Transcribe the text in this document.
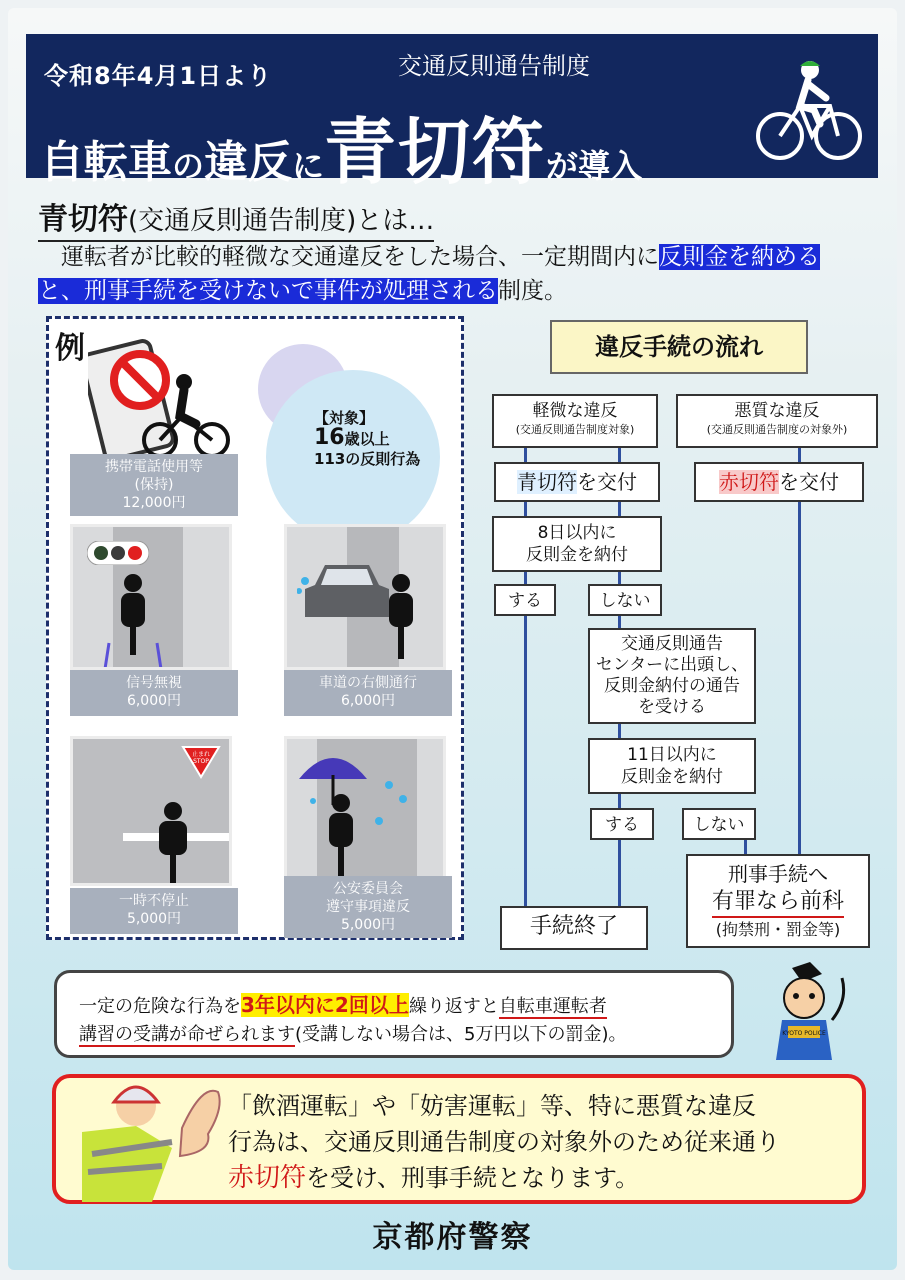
令和8年4月1日より	交通反則通告制度
自転車の違反に青切符が導入
青切符(交通反則通告制度)とは…
　運転者が比較的軽微な交通違反をした場合、一定期間内に反則金を納める
と、刑事手続を受けないで事件が処理される制度。
例
【対象】
16歳以上
113の反則行為
携帯電話使用等
(保持)
12,000円
信号無視
6,000円
車道の右側通行
6,000円
止まれ
STOP
一時不停止
5,000円
公安委員会
遵守事項違反
5,000円
違反手続の流れ
軽微な違反
(交通反則通告制度対象)
悪質な違反
(交通反則通告制度の対象外)
青切符を交付	赤切符を交付
8日以内に
反則金を納付
する	しない
交通反則通告
センターに出頭し、
反則金納付の通告
を受ける
11日以内に
反則金を納付
する	しない
手続終了
刑事手続へ
有罪なら前科
(拘禁刑・罰金等)
一定の危険な行為を3年以内に2回以上繰り返すと自転車運転者
講習の受講が命ぜられます(受講しない場合は、5万円以下の罰金)。	KYOTO POLICE
「飲酒運転」や「妨害運転」等、特に悪質な違反
行為は、交通反則通告制度の対象外のため従来通り
赤切符を受け、刑事手続となります。
京都府警察
